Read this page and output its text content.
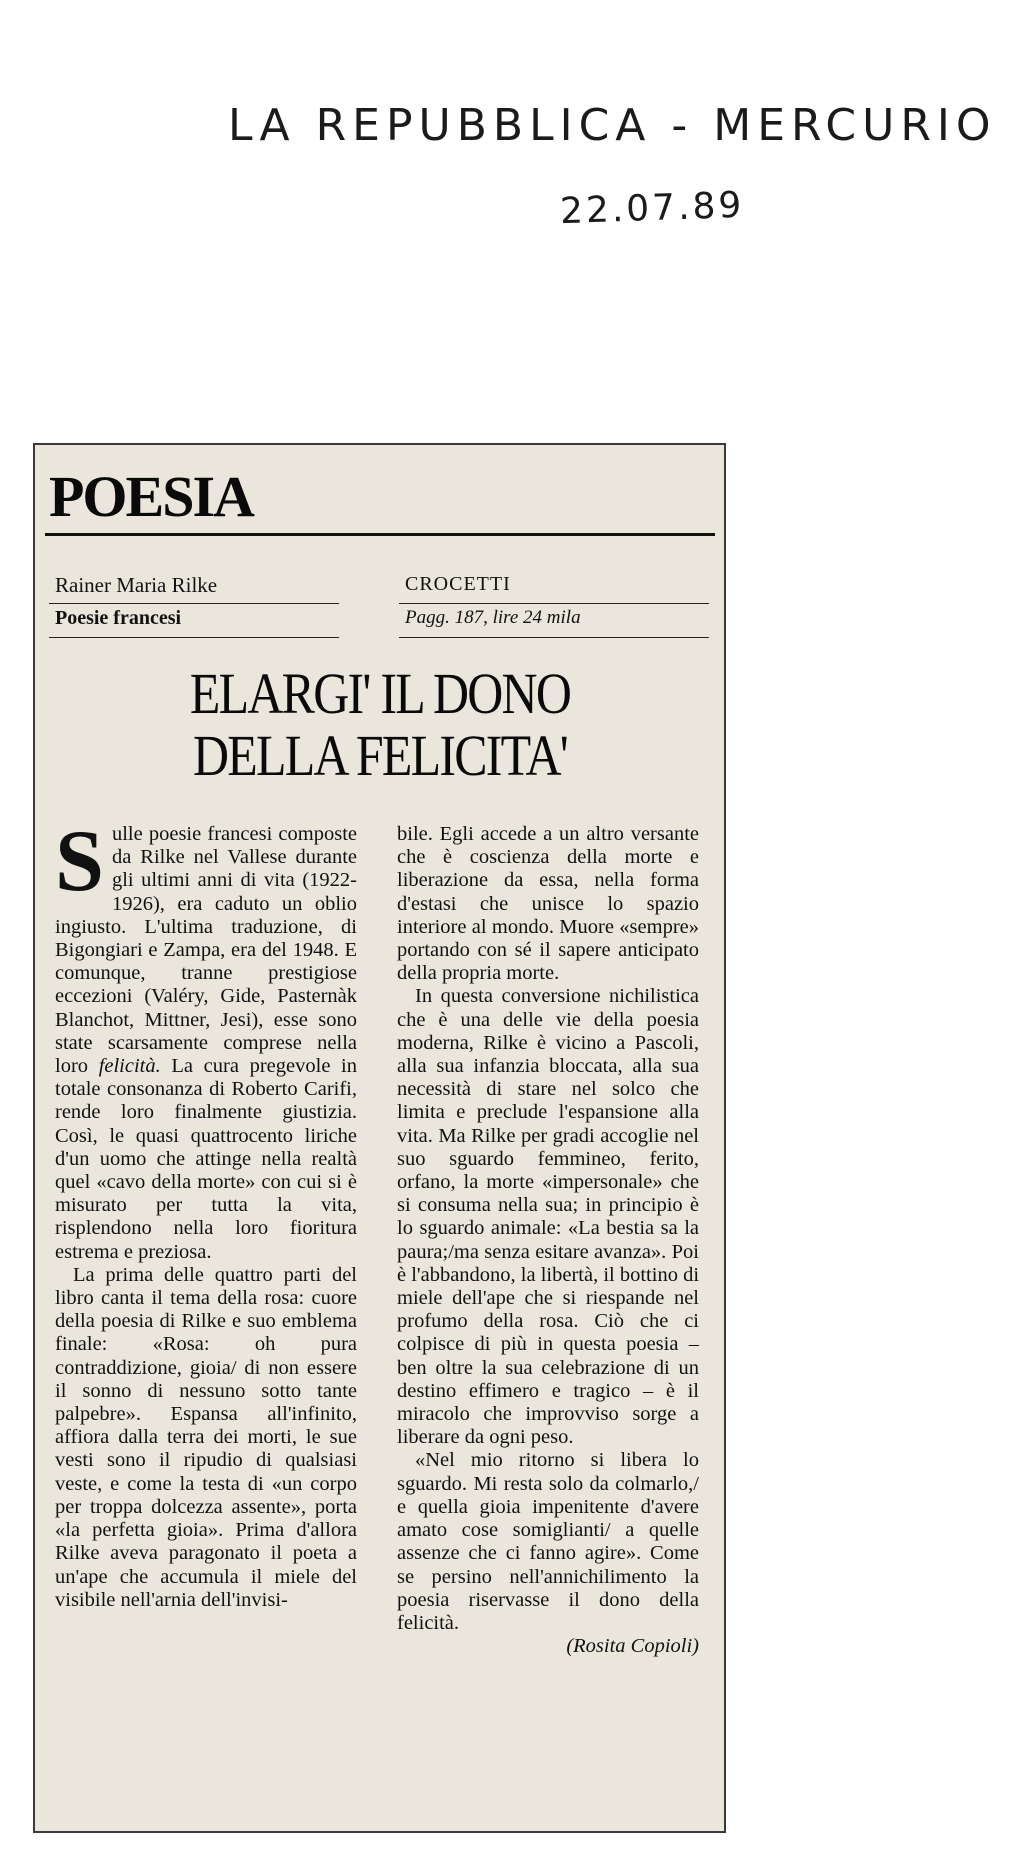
LA REPUBBLICA - MERCURIO
22.07.89
POESIA
Rainer Maria Rilke
Poesie francesi
CROCETTI
Pagg. 187, lire 24 mila
ELARGI' IL DONO
DELLA FELICITA'

Sulle poesie francesi composte da Rilke nel Vallese durante gli ultimi anni di vita (1922-1926), era caduto un oblio ingiusto. L'ultima traduzione, di Bigongiari e Zampa, era del 1948. E comunque, tranne prestigiose eccezioni (Valéry, Gide, Pasternàk Blanchot, Mittner, Jesi), esse sono state scarsamente comprese nella loro felicità. La cura pregevole in totale consonanza di Roberto Carifi, rende loro finalmente giustizia. Così, le quasi quattrocento liriche d'un uomo che attinge nella realtà quel «cavo della morte» con cui si è misurato per tutta la vita, risplendono nella loro fioritura estrema e preziosa.

La prima delle quattro parti del libro canta il tema della rosa: cuore della poesia di Rilke e suo emblema finale: «Rosa: oh pura contraddizione, gioia/ di non essere il sonno di nessuno sotto tante palpebre». Espansa all'infinito, affiora dalla terra dei morti, le sue vesti sono il ripudio di qualsiasi veste, e come la testa di «un corpo per troppa dolcezza assente», porta «la perfetta gioia». Prima d'allora Rilke aveva paragonato il poeta a un'ape che accumula il miele del visibile nell'arnia dell'invisi-

bile. Egli accede a un altro versante che è coscienza della morte e liberazione da essa, nella forma d'estasi che unisce lo spazio interiore al mondo. Muore «sempre» portando con sé il sapere anticipato della propria morte.

In questa conversione nichilistica che è una delle vie della poesia moderna, Rilke è vicino a Pascoli, alla sua infanzia bloccata, alla sua necessità di stare nel solco che limita e preclude l'espansione alla vita. Ma Rilke per gradi accoglie nel suo sguardo femmineo, ferito, orfano, la morte «impersonale» che si consuma nella sua; in principio è lo sguardo animale: «La bestia sa la paura;/ma senza esitare avanza». Poi è l'abbandono, la libertà, il bottino di miele dell'ape che si riespande nel profumo della rosa. Ciò che ci colpisce di più in questa poesia – ben oltre la sua celebrazione di un destino effimero e tragico – è il miracolo che improvviso sorge a liberare da ogni peso.

«Nel mio ritorno si libera lo sguardo. Mi resta solo da colmarlo,/ e quella gioia impenitente d'avere amato cose somiglianti/ a quelle assenze che ci fanno agire». Come se persino nell'annichilimento la poesia riservasse il dono della felicità.

(Rosita Copioli)
